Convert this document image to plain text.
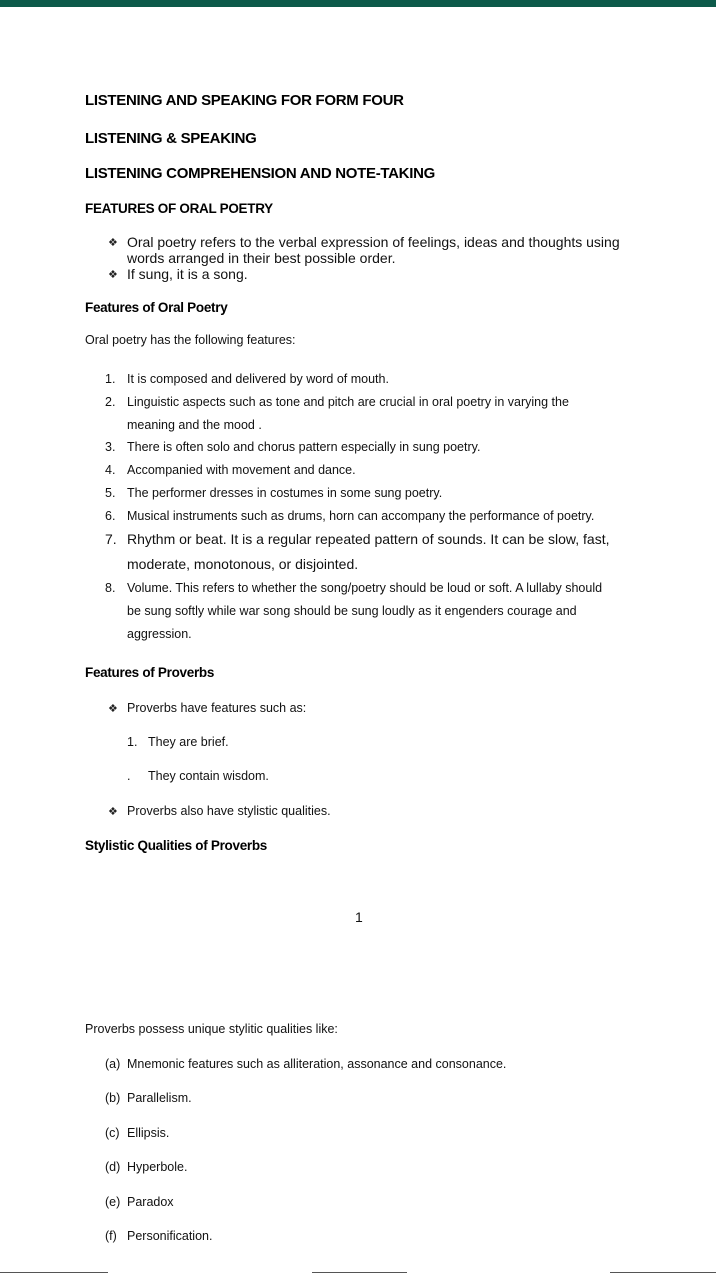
LISTENING AND SPEAKING FOR FORM FOUR
LISTENING & SPEAKING
LISTENING COMPREHENSION AND NOTE-TAKING
FEATURES OF ORAL POETRY
❖ Oral poetry refers to the verbal expression of feelings, ideas and thoughts using
words arranged in their best possible order.
❖ If sung, it is a song.
Features of Oral Poetry
Oral poetry has the following features:
1. It is composed and delivered by word of mouth.
2. Linguistic aspects such as tone and pitch are crucial in oral poetry in varying the
meaning and the mood .
3. There is often solo and chorus pattern especially in sung poetry.
4. Accompanied with movement and dance.
5. The performer dresses in costumes in some sung poetry.
6. Musical instruments such as drums, horn can accompany the performance of poetry.
7. Rhythm or beat. It is a regular repeated pattern of sounds. It can be slow, fast,
moderate, monotonous, or disjointed.
8. Volume. This refers to whether the song/poetry should be loud or soft. A lullaby should
be sung softly while war song should be sung loudly as it engenders courage and
aggression.
Features of Proverbs
❖ Proverbs have features such as:
1. They are brief.
. They contain wisdom.
❖ Proverbs also have stylistic qualities.
Stylistic Qualities of Proverbs
1
Proverbs possess unique stylitic qualities like:
(a) Mnemonic features such as alliteration, assonance and consonance.
(b) Parallelism.
(c) Ellipsis.
(d) Hyperbole.
(e) Paradox
(f) Personification.
